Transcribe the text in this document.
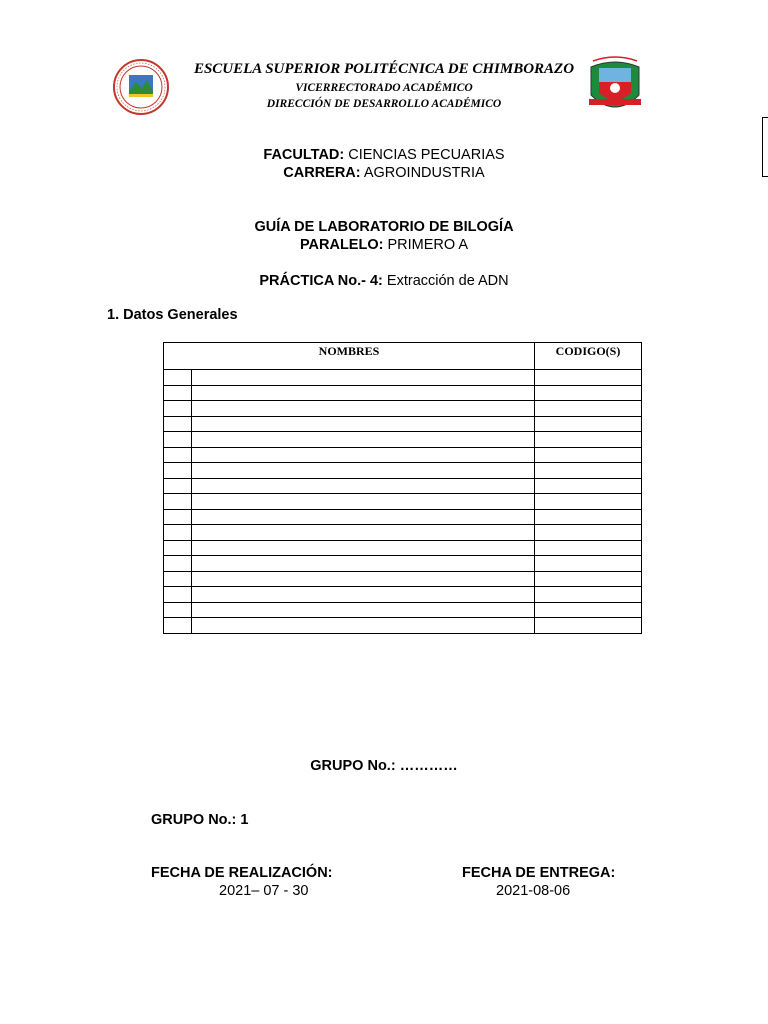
ESCUELA SUPERIOR POLITÉCNICA DE CHIMBORAZO
VICERRECTORADO ACADÉMICO
DIRECCIÓN DE DESARROLLO ACADÉMICO
FACULTAD: CIENCIAS PECUARIAS
CARRERA: AGROINDUSTRIA
GUÍA DE LABORATORIO DE BILOGÍA
PARALELO: PRIMERO A
PRÁCTICA No.- 4: Extracción de ADN
1. Datos Generales
NOMBRES		CODIGO(S)

GRUPO No.: …………
GRUPO No.: 1
FECHA DE REALIZACIÓN:
2021– 07 - 30
FECHA DE ENTREGA:
2021-08-06
